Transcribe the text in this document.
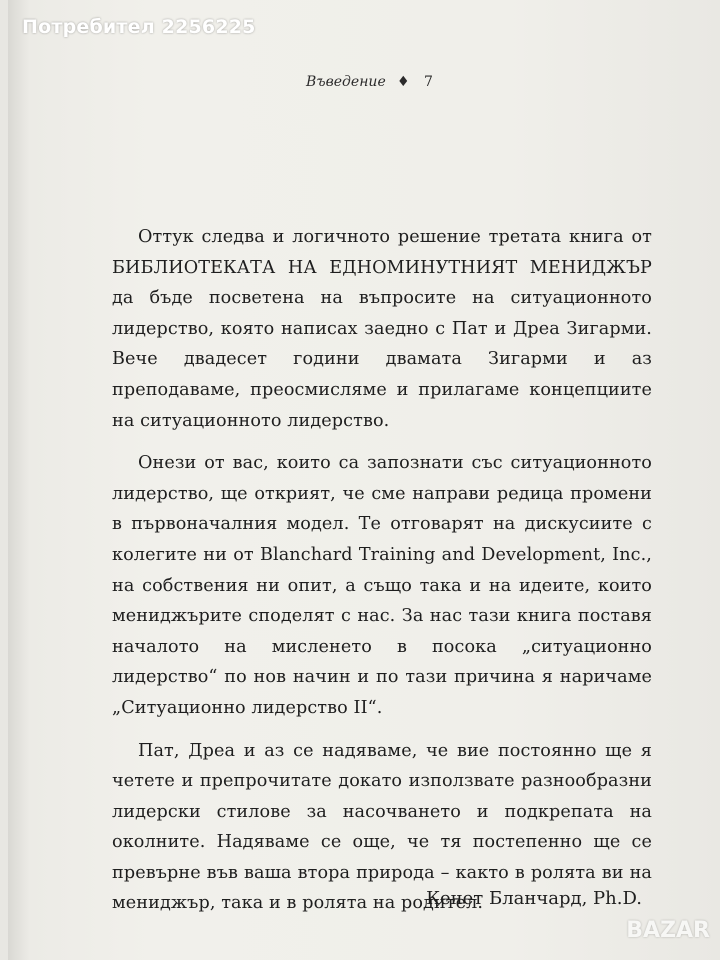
Потребител 2256225
Въведение ♦ 7

Оттук следва и логичното решение третата книга от БИБЛИОТЕКАТА НА ЕДНОМИНУТНИЯТ МЕНИДЖЪР да бъде посветена на въпросите на ситуационното лидерство, която написах заедно с Пат и Дреа Зигарми. Вече двадесет години двамата Зигарми и аз преподаваме, преосмисляме и прилагаме концепциите на ситуационното лидерство.

Онези от вас, които са запознати със ситуационното лидерство, ще открият, че сме направи редица промени в първоначалния модел. Те отговарят на дискусиите с колегите ни от Blanchard Training and Development, Inc., на собствения ни опит, а също така и на идеите, които мениджърите споделят с нас. За нас тази книга поставя началото на мисленето в посока „ситуационно лидерство“ по нов начин и по тази причина я наричаме „Ситуационно лидерство II“.

Пат, Дреа и аз се надяваме, че вие постоянно ще я четете и препрочитате докато използвате разнообразни лидерски стилове за насочването и подкрепата на околните. Надяваме се още, че тя постепенно ще се превърне във ваша втора природа – както в ролята ви на мениджър, така и в ролята на родител.

Кенет Бланчард, Ph.D.
BAZAR
